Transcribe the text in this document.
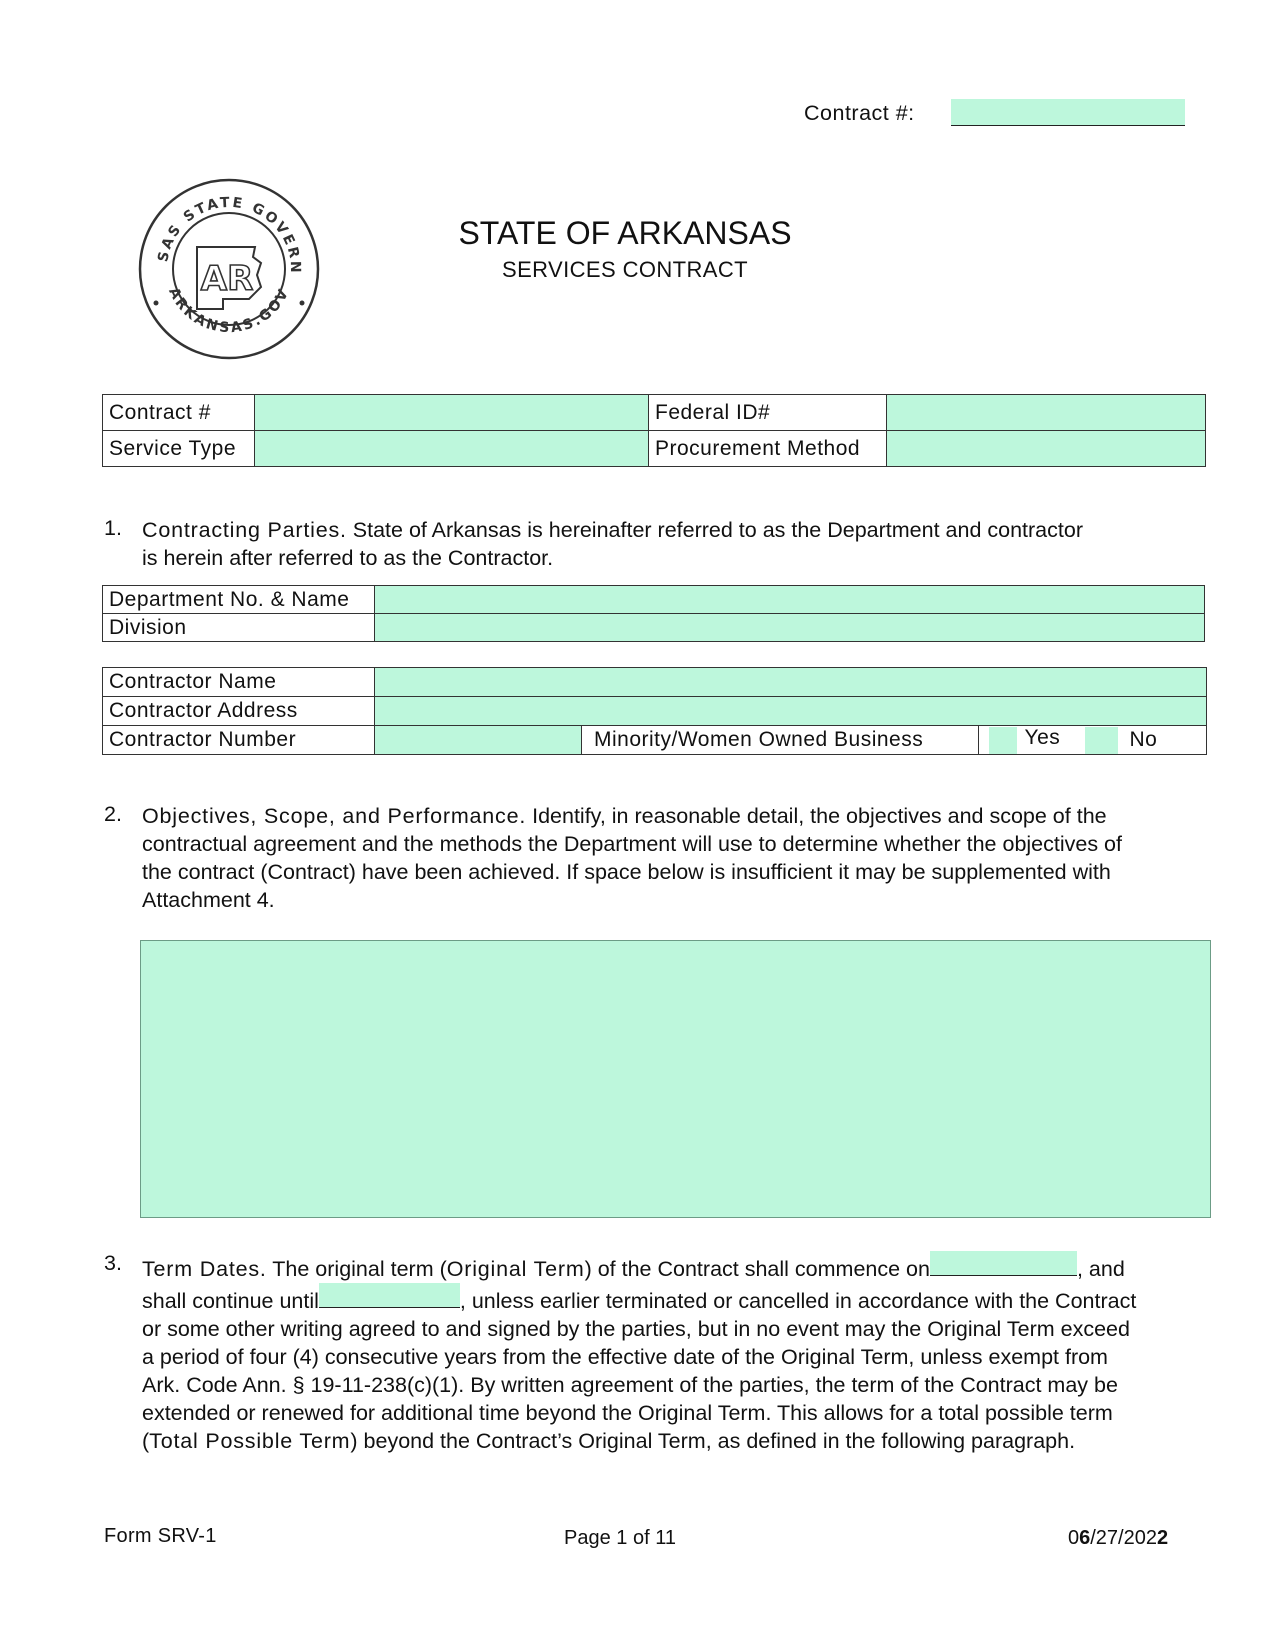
Contract #:
SAS STATE GOVERN
ARKANSAS.GOV
AR
STATE OF ARKANSAS
SERVICES CONTRACT
Contract #		Federal ID#	
Service Type		Procurement Method	
1. Contracting Parties. State of Arkansas is hereinafter referred to as the Department and contractor
is herein after referred to as the Contractor.
Department No. & Name	
Division	
Contractor Name	
Contractor Address	
Contractor Number		Minority/Women Owned Business		Yes		No
2. Objectives, Scope, and Performance. Identify, in reasonable detail, the objectives and scope of the
contractual agreement and the methods the Department will use to determine whether the objectives of
the contract (Contract) have been achieved. If space below is insufficient it may be supplemented with
Attachment 4.
3. Term Dates. The original term (Original Term) of the Contract shall commence on	, and
shall continue until	, unless earlier terminated or cancelled in accordance with the Contract
or some other writing agreed to and signed by the parties, but in no event may the Original Term exceed
a period of four (4) consecutive years from the effective date of the Original Term, unless exempt from
Ark. Code Ann. § 19-11-238(c)(1). By written agreement of the parties, the term of the Contract may be
extended or renewed for additional time beyond the Original Term. This allows for a total possible term
(Total Possible Term) beyond the Contract’s Original Term, as defined in the following paragraph.
Form SRV-1	Page 1 of 11	06/27/2022
